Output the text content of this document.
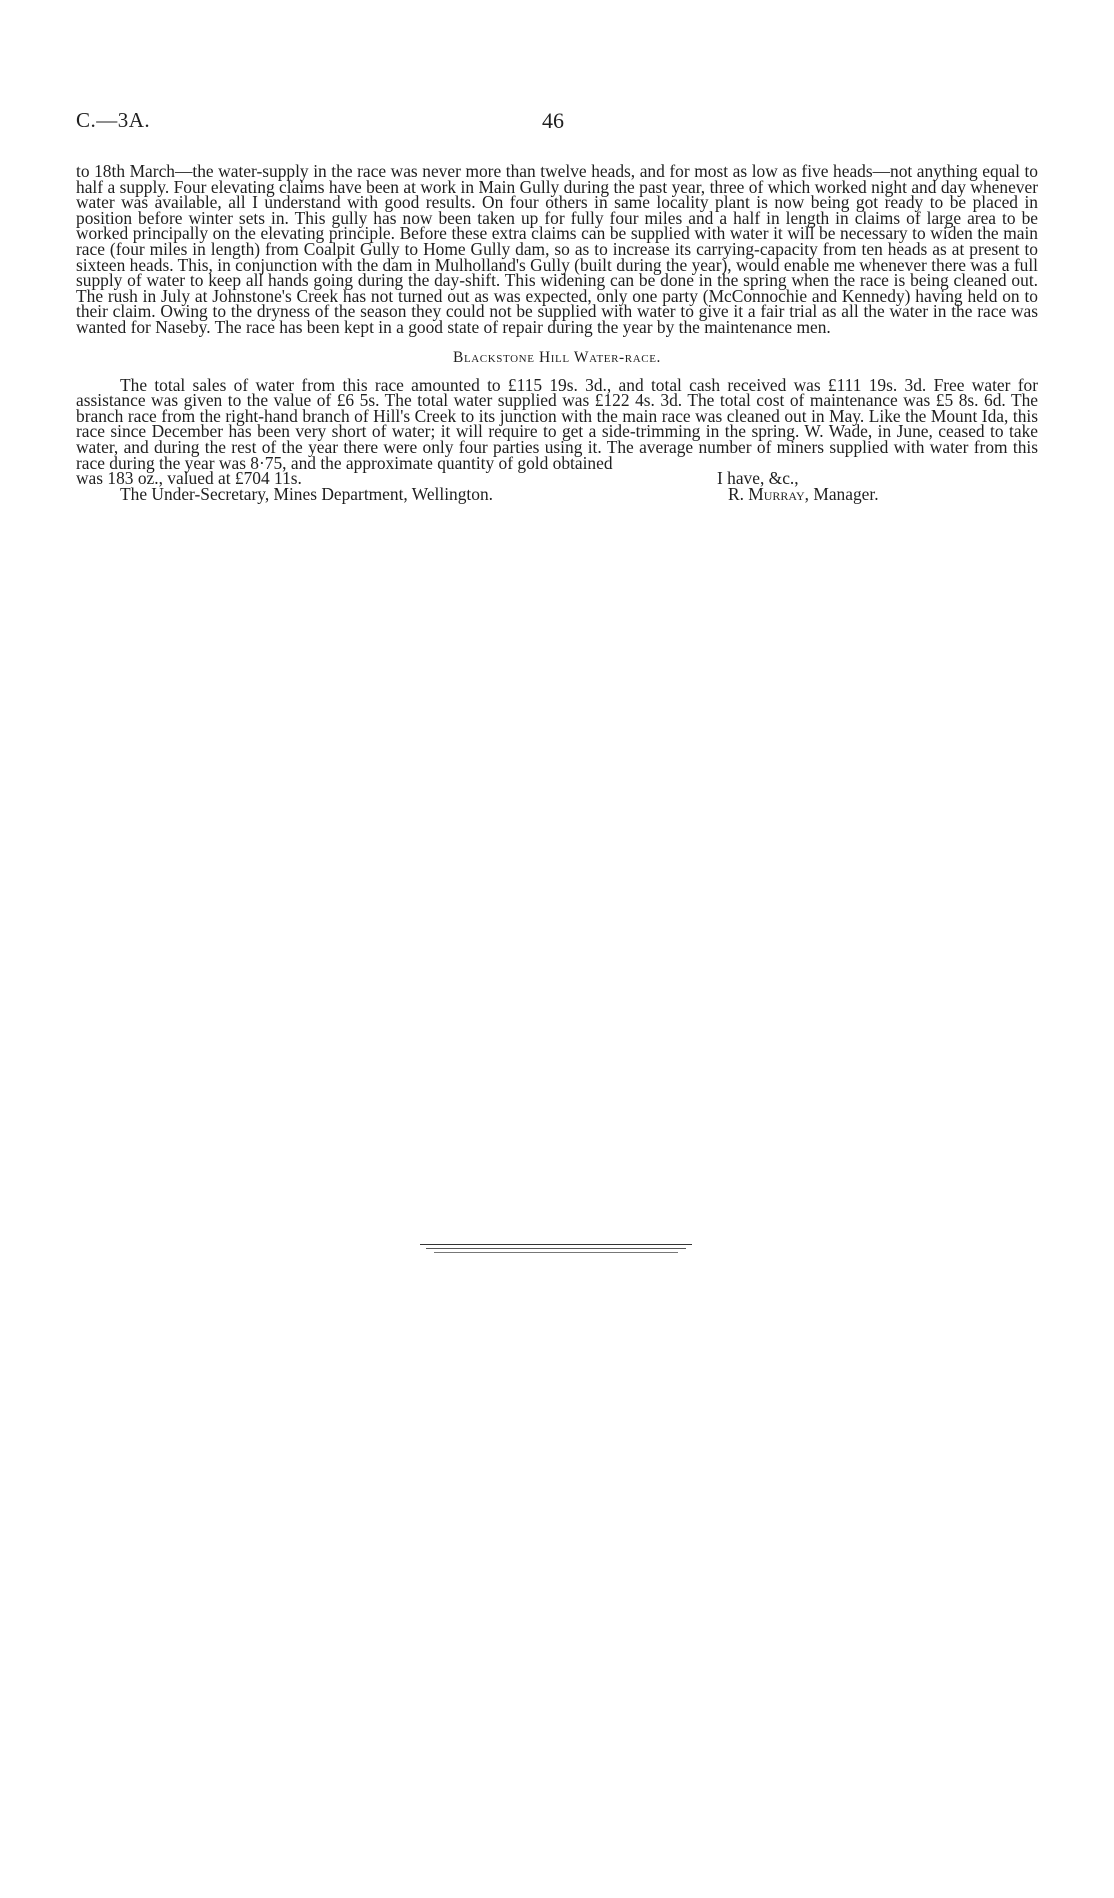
C.—3A.	46

to 18th March—the water-supply in the race was never more than twelve heads, and for most as low as five heads—not anything equal to half a supply. Four elevating claims have been at work in Main Gully during the past year, three of which worked night and day whenever water was available, all I understand with good results. On four others in same locality plant is now being got ready to be placed in position before winter sets in. This gully has now been taken up for fully four miles and a half in length in claims of large area to be worked principally on the elevating principle. Before these extra claims can be supplied with water it will be necessary to widen the main race (four miles in length) from Coalpit Gully to Home Gully dam, so as to increase its carrying-capacity from ten heads as at present to sixteen heads. This, in conjunction with the dam in Mulholland's Gully (built during the year), would enable me whenever there was a full supply of water to keep all hands going during the day-shift. This widening can be done in the spring when the race is being cleaned out. The rush in July at Johnstone's Creek has not turned out as was expected, only one party (McConnochie and Kennedy) having held on to their claim. Owing to the dryness of the season they could not be supplied with water to give it a fair trial as all the water in the race was wanted for Naseby. The race has been kept in a good state of repair during the year by the maintenance men.

Blackstone Hill Water-race.

The total sales of water from this race amounted to £115 19s. 3d., and total cash received was £111 19s. 3d. Free water for assistance was given to the value of £6 5s. The total water supplied was £122 4s. 3d. The total cost of maintenance was £5 8s. 6d. The branch race from the right-hand branch of Hill's Creek to its junction with the main race was cleaned out in May. Like the Mount Ida, this race since December has been very short of water; it will require to get a side-trimming in the spring. W. Wade, in June, ceased to take water, and during the rest of the year there were only four parties using it. The average number of miners supplied with water from this race during the year was 8·75, and the approximate quantity of gold obtained

was 183 oz., valued at £704 11s.	I have, &c.,
The Under-Secretary, Mines Department, Wellington.	R. Murray, Manager.
